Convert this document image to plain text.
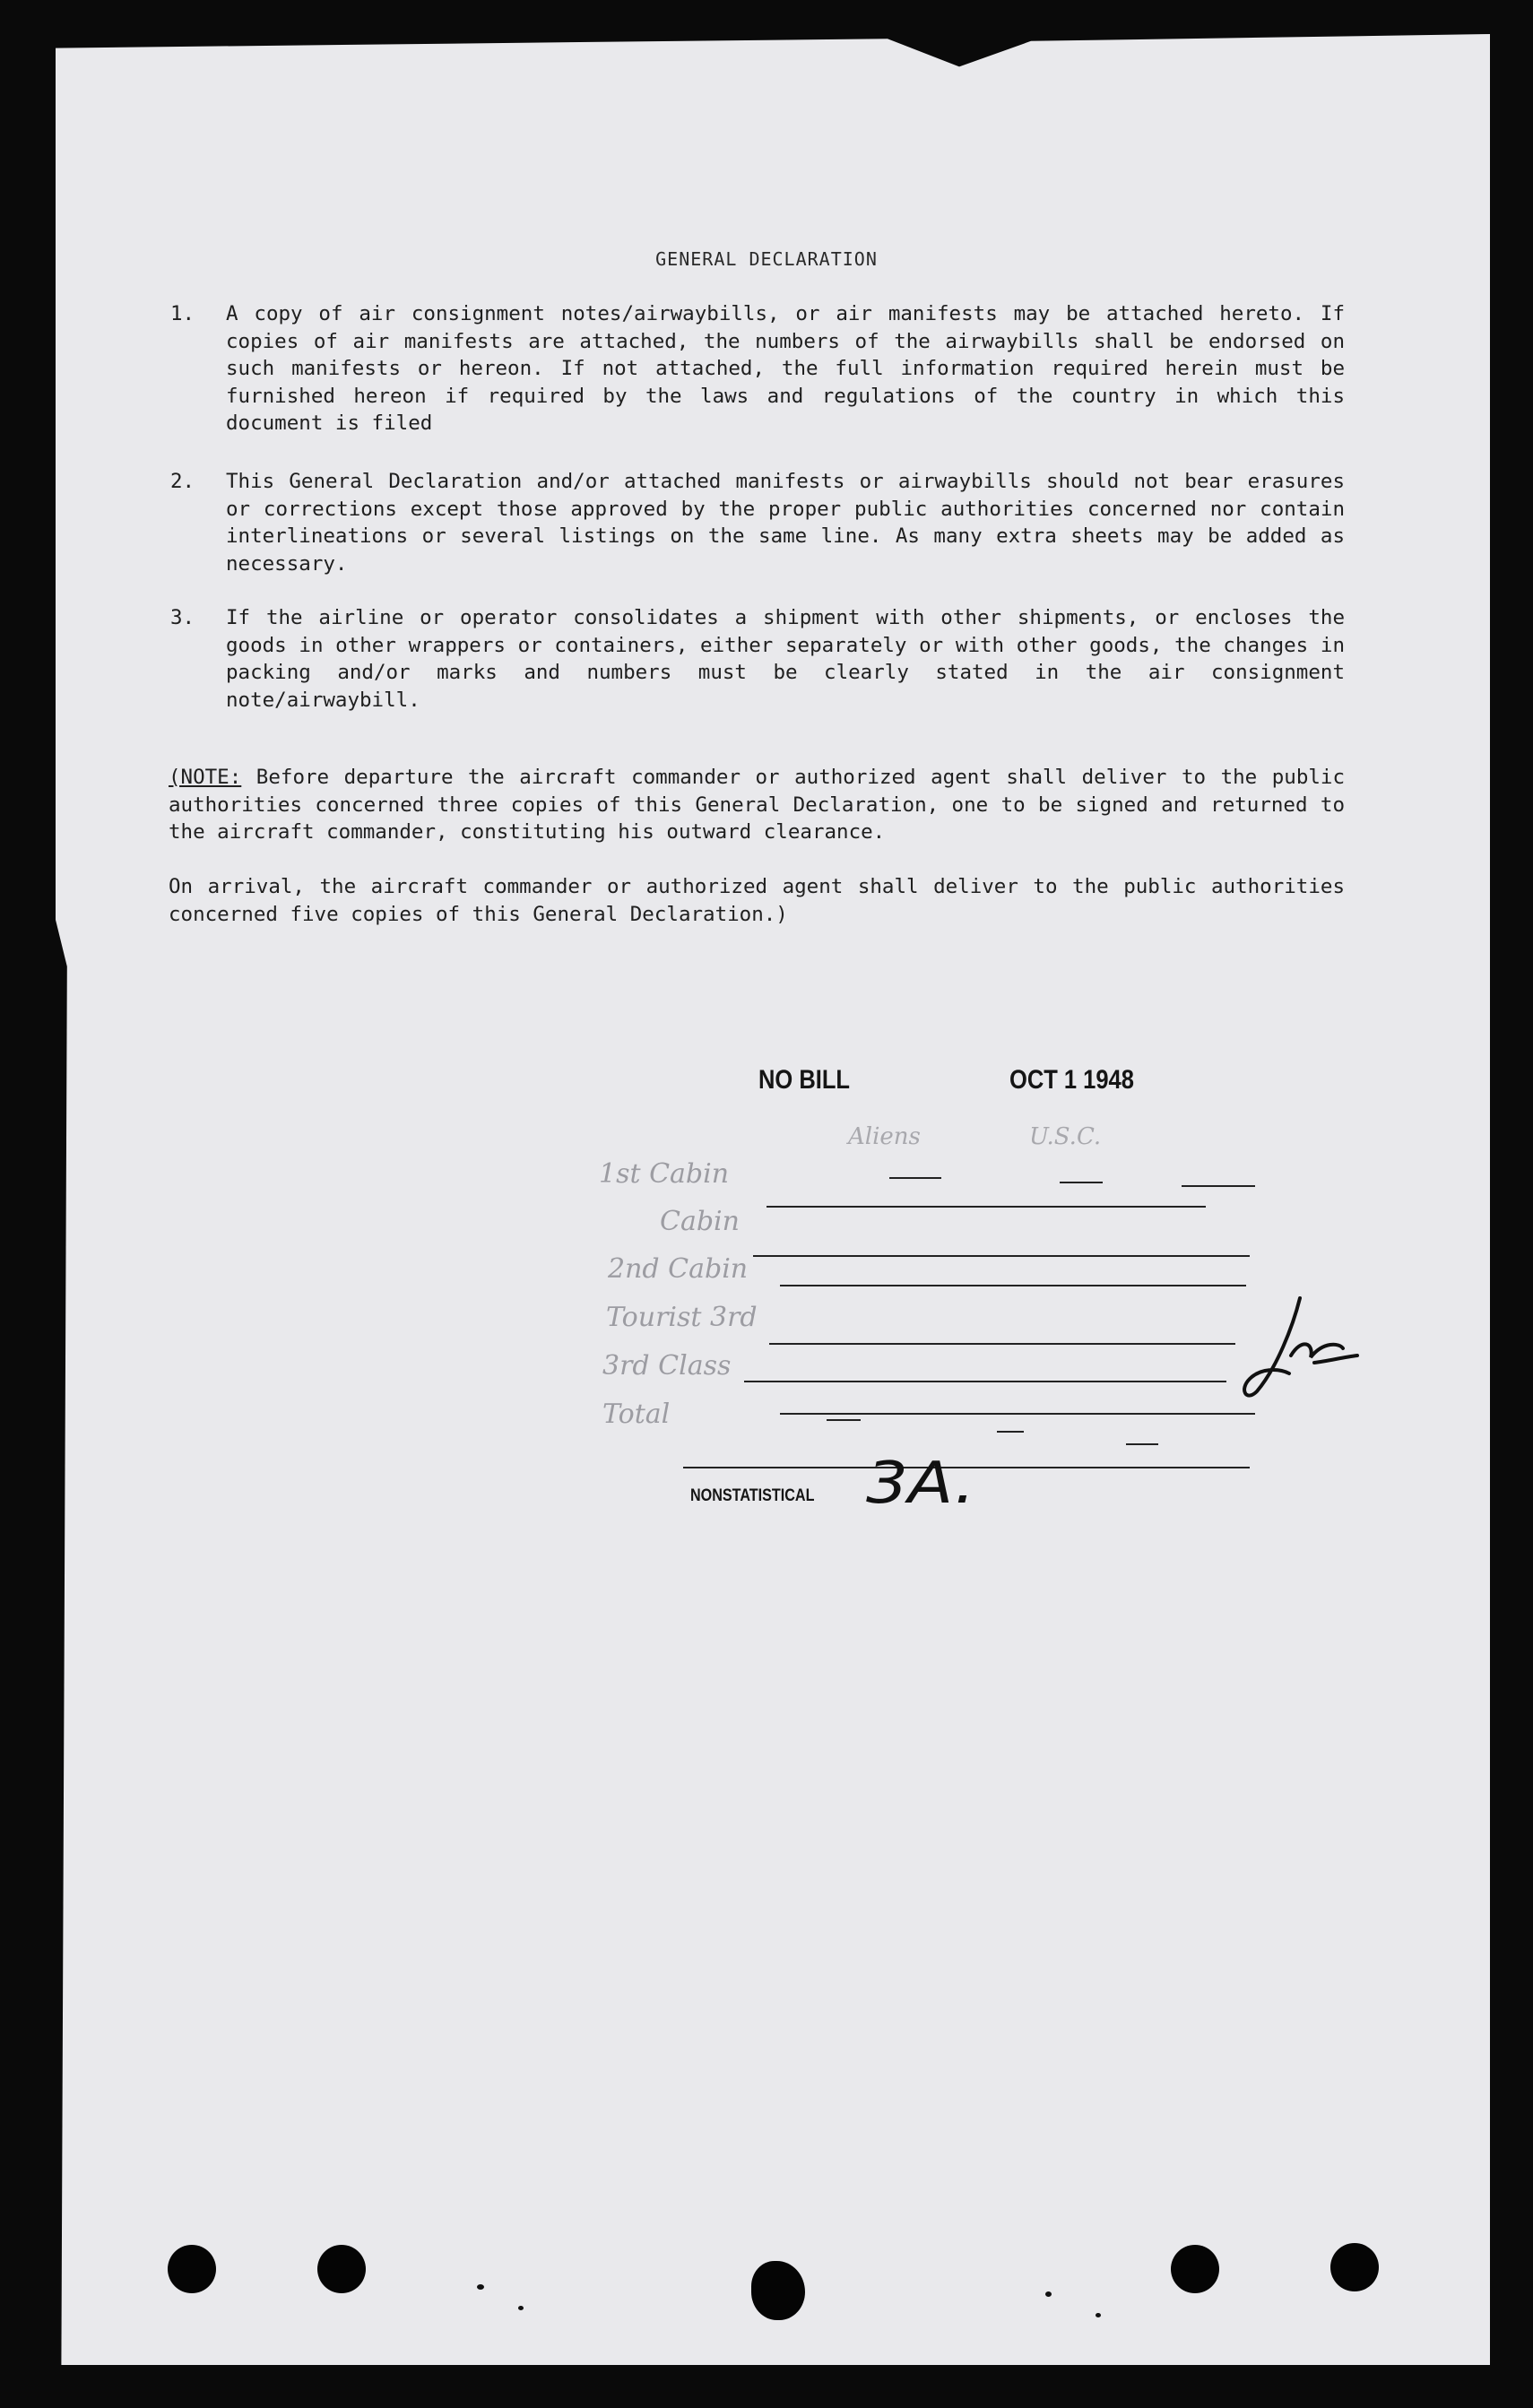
GENERAL DECLARATION
1. A copy of air consignment notes/airwaybills, or air manifests may be attached hereto. If copies of air manifests are attached, the numbers of the airwaybills shall be endorsed on such manifests or hereon. If not attached, the full information required herein must be furnished hereon if required by the laws and regulations of the country in which this document is filed
2. This General Declaration and/or attached manifests or airwaybills should not bear erasures or corrections except those approved by the proper public authorities concerned nor contain interlineations or several listings on the same line. As many extra sheets may be added as necessary.
3. If the airline or operator consolidates a shipment with other shipments, or encloses the goods in other wrappers or containers, either separately or with other goods, the changes in packing and/or marks and numbers must be clearly stated in the air consignment note/airwaybill.
(NOTE: Before departure the aircraft commander or authorized agent shall deliver to the public authorities concerned three copies of this General Declaration, one to be signed and returned to the aircraft commander, constituting his outward clearance.
On arrival, the aircraft commander or authorized agent shall deliver to the public authorities concerned five copies of this General Declaration.)
NO BILL	OCT 1 1948
Aliens	U.S.C.
1st Cabin
Cabin
2nd Cabin
Tourist 3rd
3rd Class
Total
NONSTATISTICAL 3A.
